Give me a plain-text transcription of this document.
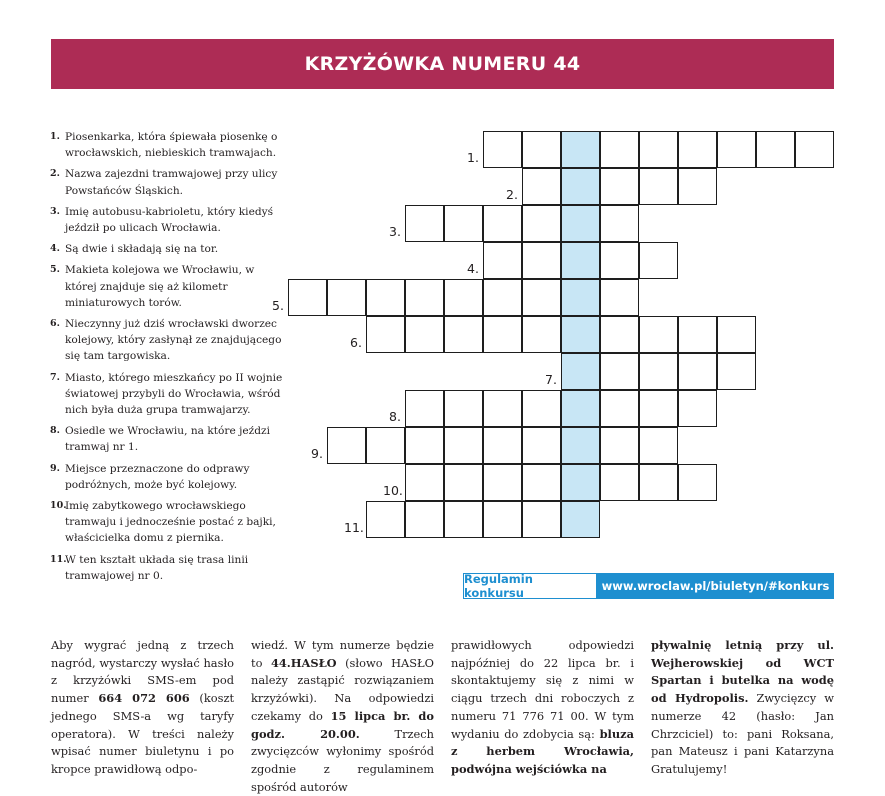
KRZYŻÓWKA NUMERU 44
1. Piosenkarka, która śpiewała piosenkę o wrocławskich, niebieskich tramwajach.
2. Nazwa zajezdni tramwajowej przy ulicy Powstańców Śląskich.
3. Imię autobusu-kabrioletu, który kiedyś jeździł po ulicach Wrocławia.
4. Są dwie i składają się na tor.
5. Makieta kolejowa we Wrocławiu, w której znajduje się aż kilometr miniaturowych torów.
6. Nieczynny już dziś wrocławski dworzec kolejowy, który zasłynął ze znajdującego się tam targowiska.
7. Miasto, którego mieszkańcy po II wojnie światowej przybyli do Wrocławia, wśród nich była duża grupa tramwajarzy.
8. Osiedle we Wrocławiu, na które jeździ tramwaj nr 1.
9. Miejsce przeznaczone do odprawy podróżnych, może być kolejowy.
10.
Imię zabytkowego wrocławskiego tramwaju i jednocześnie postać z bajki, właścicielka domu z piernika.
11.
W ten kształt układa się trasa linii tramwajowej nr 0.
1.
2.
3.
4.
5.
6.
7.
8.
9.
10.
11.
Regulamin konkursu	www.wroclaw.pl/biuletyn/#konkurs
Aby wygrać jedną z trzech nagród, wystarczy wysłać hasło z krzyżówki SMS-em pod numer 664 072 606 (koszt jednego SMS-a wg taryfy operatora). W treści należy wpisać numer biuletynu i po kropce prawidłową odpo-
wiedź. W tym numerze będzie to 44.HASŁO (słowo HASŁO należy zastąpić rozwiązaniem krzyżówki). Na odpowiedzi czekamy do 15 lipca br. do godz. 20.00. Trzech zwycięzców wyłonimy spośród zgodnie z regulaminem spośród autorów
prawidłowych odpowiedzi najpóźniej do 22 lipca br. i skontaktujemy się z nimi w ciągu trzech dni roboczych z numeru 71 776 71 00. W tym wydaniu do zdobycia są: bluza z herbem Wrocławia, podwójna wejściówka na
pływalnię letnią przy ul. Wejherowskiej od WCT Spartan i butelka na wodę od Hydropolis. Zwycięzcy w numerze 42 (hasło: Jan Chrzciciel) to: pani Roksana, pan Mateusz i pani Katarzyna Gratulujemy!
